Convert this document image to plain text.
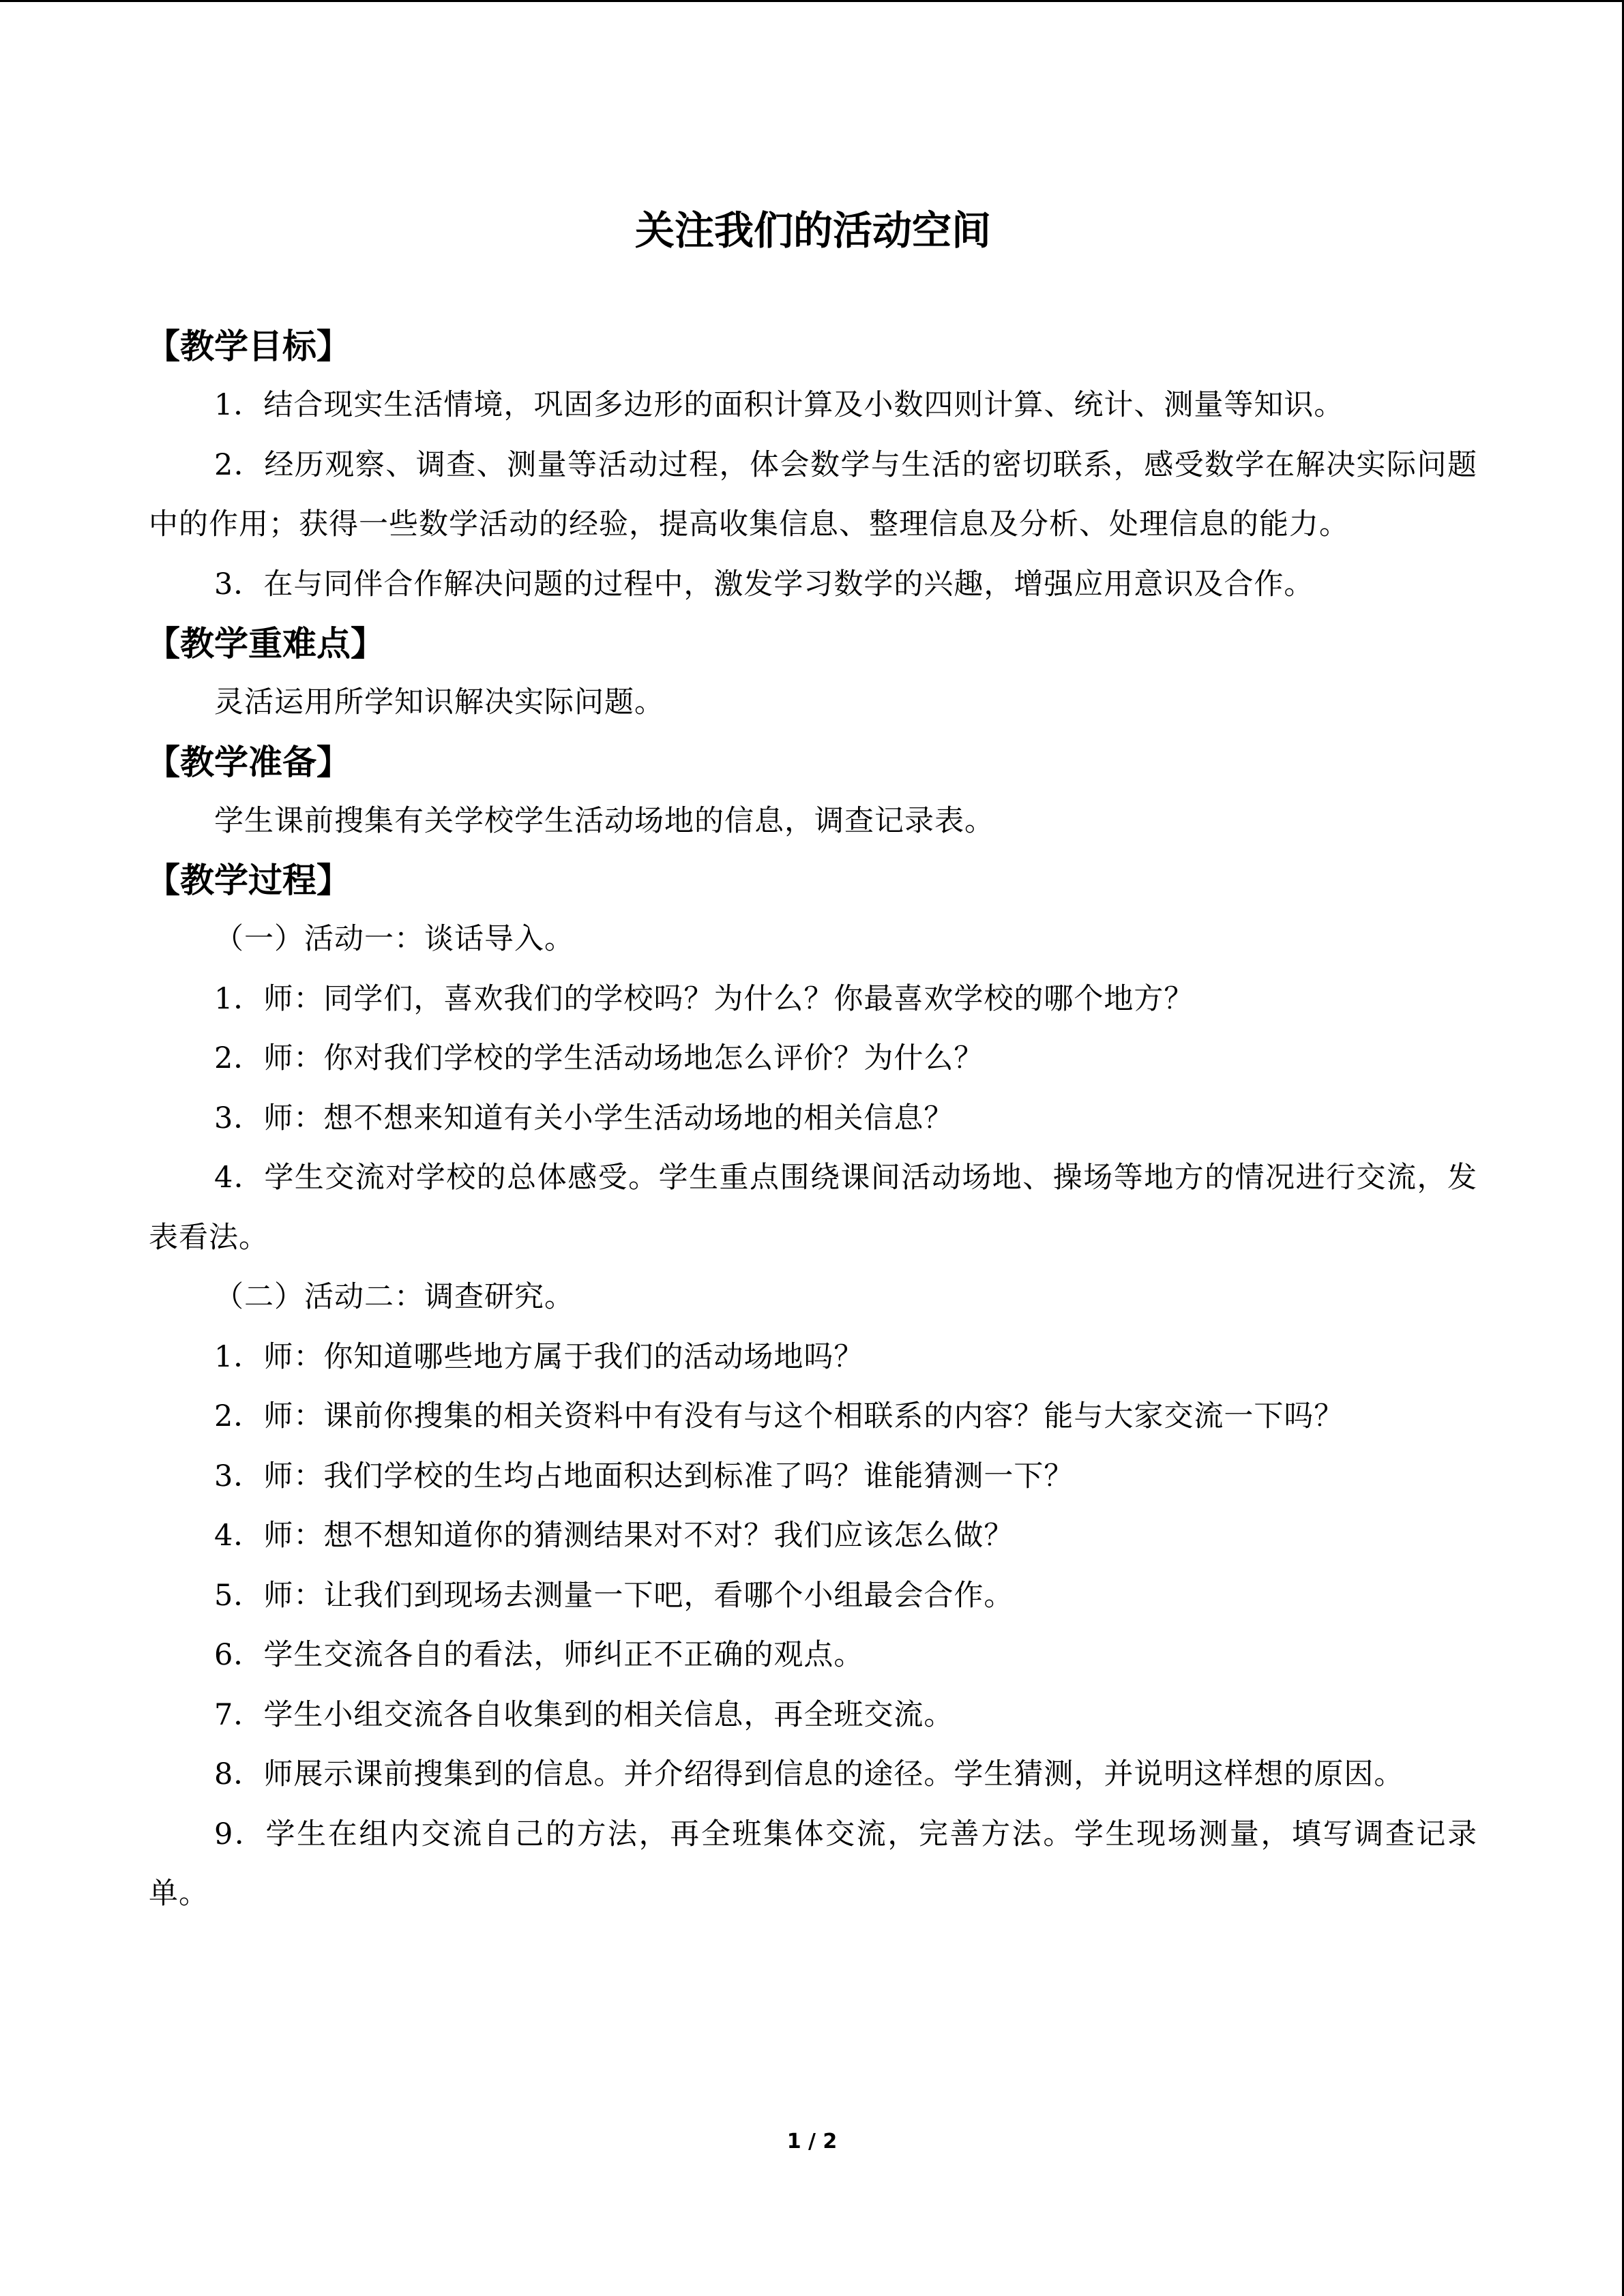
关注我们的活动空间
【教学目标】

1．结合现实生活情境，巩固多边形的面积计算及小数四则计算、统计、测量等知识。

2．经历观察、调查、测量等活动过程，体会数学与生活的密切联系，感受数学在解决实际问题中的作用；获得一些数学活动的经验，提高收集信息、整理信息及分析、处理信息的能力。

3．在与同伴合作解决问题的过程中，激发学习数学的兴趣，增强应用意识及合作。

【教学重难点】

灵活运用所学知识解决实际问题。

【教学准备】

学生课前搜集有关学校学生活动场地的信息，调查记录表。

【教学过程】

（一）活动一：谈话导入。

1．师：同学们，喜欢我们的学校吗？为什么？你最喜欢学校的哪个地方？

2．师：你对我们学校的学生活动场地怎么评价？为什么？

3．师：想不想来知道有关小学生活动场地的相关信息？

4．学生交流对学校的总体感受。学生重点围绕课间活动场地、操场等地方的情况进行交流，发表看法。

（二）活动二：调查研究。

1．师：你知道哪些地方属于我们的活动场地吗？

2．师：课前你搜集的相关资料中有没有与这个相联系的内容？能与大家交流一下吗？

3．师：我们学校的生均占地面积达到标准了吗？谁能猜测一下？

4．师：想不想知道你的猜测结果对不对？我们应该怎么做？

5．师：让我们到现场去测量一下吧，看哪个小组最会合作。

6．学生交流各自的看法，师纠正不正确的观点。

7．学生小组交流各自收集到的相关信息，再全班交流。

8．师展示课前搜集到的信息。并介绍得到信息的途径。学生猜测，并说明这样想的原因。

9．学生在组内交流自己的方法，再全班集体交流，完善方法。学生现场测量，填写调查记录单。

1 / 2
